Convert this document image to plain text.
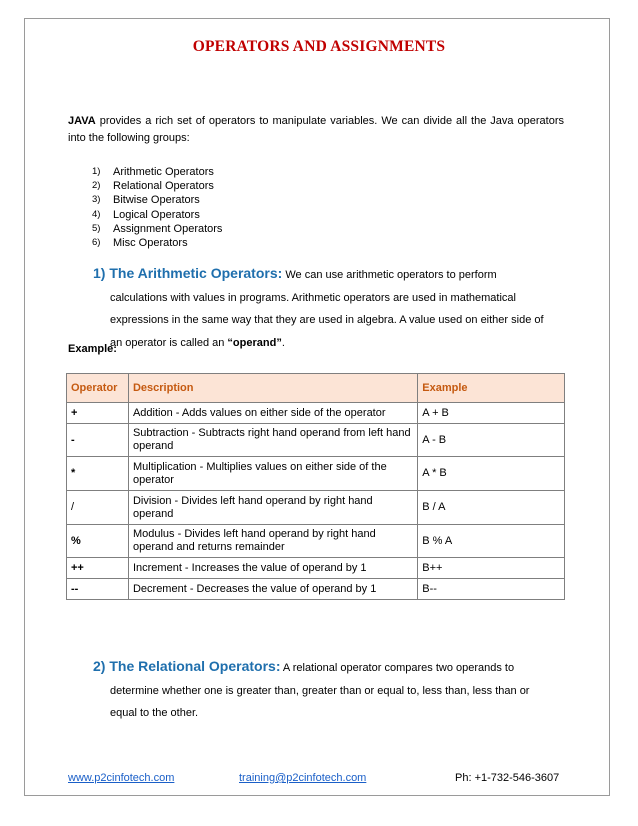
OPERATORS AND ASSIGNMENTS
JAVA provides a rich set of operators to manipulate variables. We can divide all the Java operators into the following groups:
1)	Arithmetic Operators
2)	Relational Operators
3)	Bitwise Operators
4)	Logical Operators
5)	Assignment Operators
6)	Misc Operators
1) The Arithmetic Operators: We can use arithmetic operators to perform
calculations with values in programs. Arithmetic operators are used in mathematical expressions in the same way that they are used in algebra. A value used on either side of an operator is called an “operand”.
Example:
Operator	Description	Example
+	Addition - Adds values on either side of the operator	A + B
-	Subtraction - Subtracts right hand operand from left hand operand	A - B
*	Multiplication - Multiplies values on either side of the operator	A * B
/	Division - Divides left hand operand by right hand operand	B / A
%	Modulus - Divides left hand operand by right hand operand and returns remainder	B % A
++	Increment - Increases the value of operand by 1	B++
--	Decrement - Decreases the value of operand by 1	B--
2) The Relational Operators: A relational operator compares two operands to
determine whether one is greater than, greater than or equal to, less than, less than or equal to the other.
www.p2cinfotech.com	training@p2cinfotech.com	Ph: +1-732-546-3607
